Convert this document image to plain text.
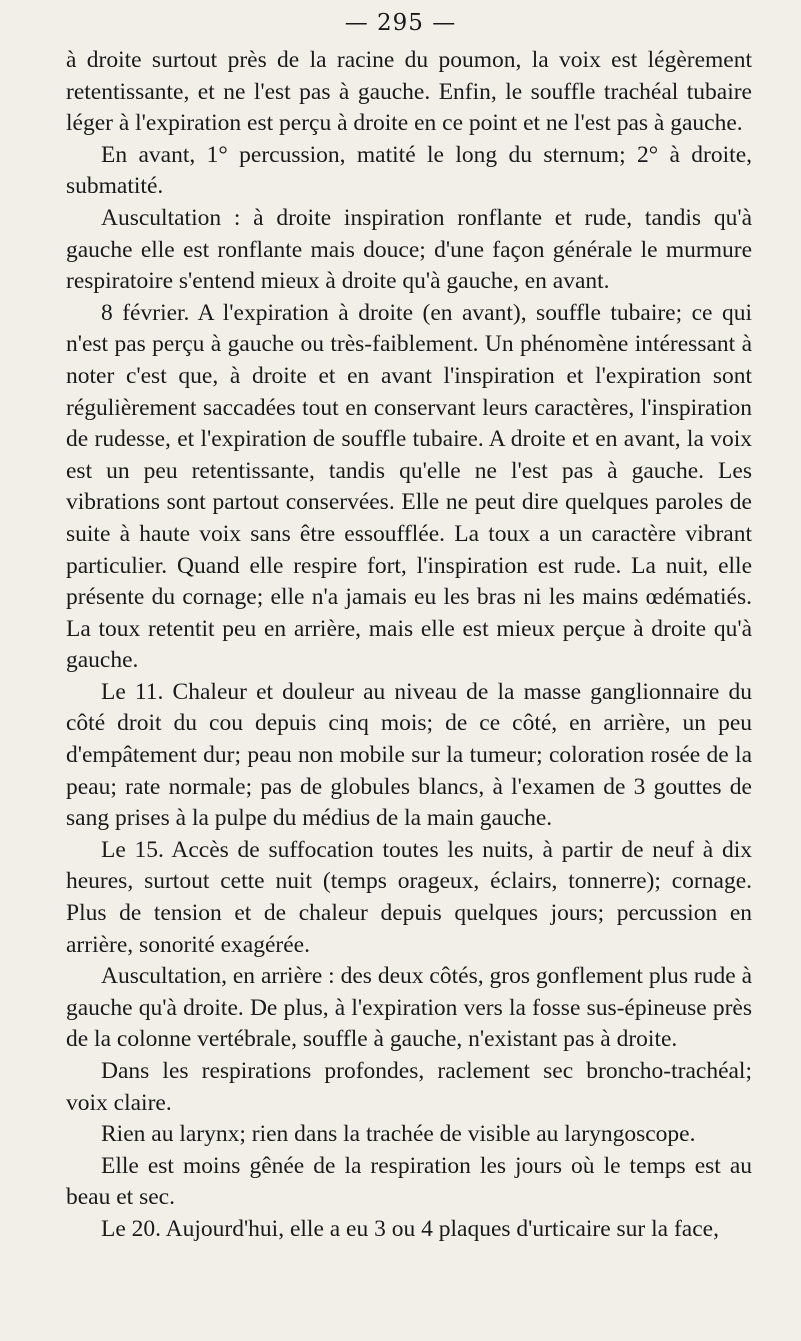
— 295 —

à droite surtout près de la racine du poumon, la voix est légèrement retentissante, et ne l'est pas à gauche. Enfin, le souffle trachéal tubaire léger à l'expiration est perçu à droite en ce point et ne l'est pas à gauche.

En avant, 1° percussion, matité le long du sternum; 2° à droite, submatité.

Auscultation : à droite inspiration ronflante et rude, tandis qu'à gauche elle est ronflante mais douce; d'une façon générale le murmure respiratoire s'entend mieux à droite qu'à gauche, en avant.

8 février. A l'expiration à droite (en avant), souffle tubaire; ce qui n'est pas perçu à gauche ou très-faiblement. Un phénomène intéressant à noter c'est que, à droite et en avant l'inspiration et l'expiration sont régulièrement saccadées tout en conservant leurs caractères, l'inspiration de rudesse, et l'expiration de souffle tubaire. A droite et en avant, la voix est un peu retentissante, tandis qu'elle ne l'est pas à gauche. Les vibrations sont partout conservées. Elle ne peut dire quelques paroles de suite à haute voix sans être essoufflée. La toux a un caractère vibrant particulier. Quand elle respire fort, l'inspiration est rude. La nuit, elle présente du cornage; elle n'a jamais eu les bras ni les mains œdématiés. La toux retentit peu en arrière, mais elle est mieux perçue à droite qu'à gauche.

Le 11. Chaleur et douleur au niveau de la masse ganglionnaire du côté droit du cou depuis cinq mois; de ce côté, en arrière, un peu d'empâtement dur; peau non mobile sur la tumeur; coloration rosée de la peau; rate normale; pas de globules blancs, à l'examen de 3 gouttes de sang prises à la pulpe du médius de la main gauche.

Le 15. Accès de suffocation toutes les nuits, à partir de neuf à dix heures, surtout cette nuit (temps orageux, éclairs, tonnerre); cornage. Plus de tension et de chaleur depuis quelques jours; percussion en arrière, sonorité exagérée.

Auscultation, en arrière : des deux côtés, gros gonflement plus rude à gauche qu'à droite. De plus, à l'expiration vers la fosse sus-épineuse près de la colonne vertébrale, souffle à gauche, n'existant pas à droite.

Dans les respirations profondes, raclement sec broncho-trachéal; voix claire.

Rien au larynx; rien dans la trachée de visible au laryngoscope.

Elle est moins gênée de la respiration les jours où le temps est au beau et sec.

Le 20. Aujourd'hui, elle a eu 3 ou 4 plaques d'urticaire sur la face,
